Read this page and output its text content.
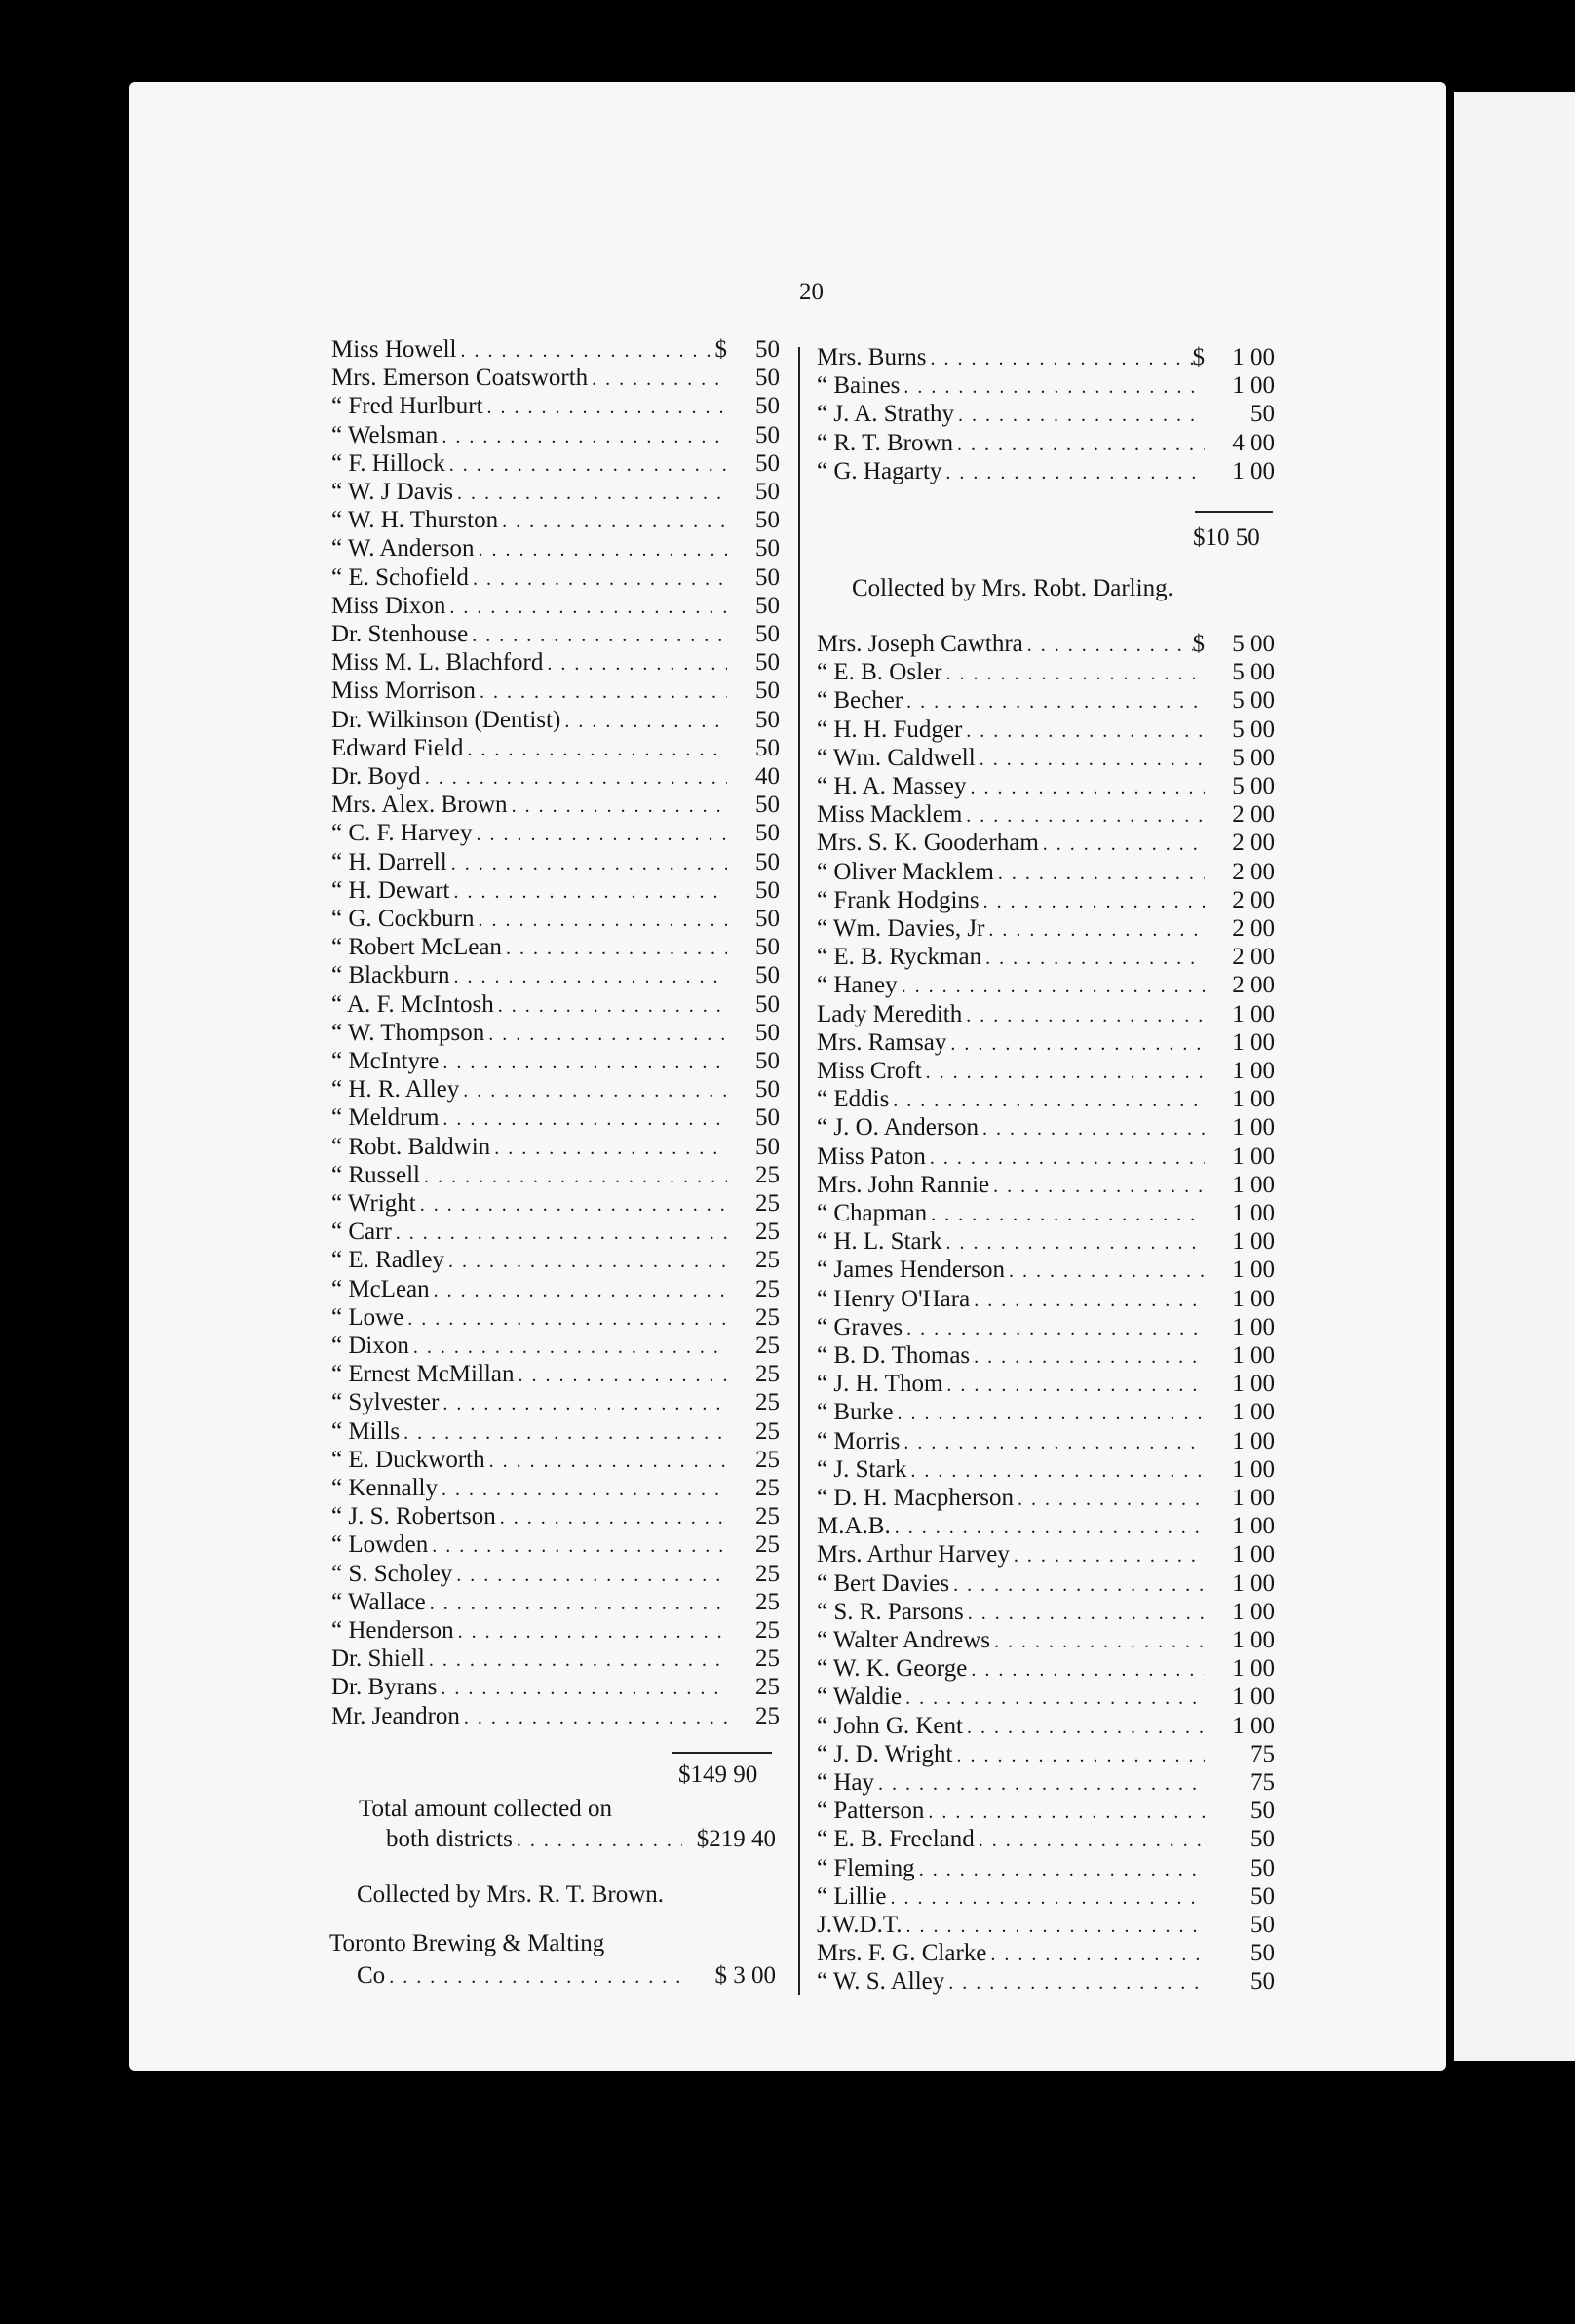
20
Miss Howell . . .	$	50
Mrs. Emerson Coatsworth . . .	50
“ Fred Hurlburt . . .	50
“ Welsman . . .	50
“ F. Hillock . . .	50
“ W. J Davis . . .	50
“ W. H. Thurston . . .	50
“ W. Anderson . . .	50
“ E. Schofield . . .	50
Miss Dixon . . .	50
Dr. Stenhouse . . .	50
Miss M. L. Blachford . . .	50
Miss Morrison . . .	50
Dr. Wilkinson (Dentist) . . .	50
Edward Field . . .	50
Dr. Boyd . . .	40
Mrs. Alex. Brown . . .	50
“ C. F. Harvey . . .	50
“ H. Darrell . . .	50
“ H. Dewart . . .	50
“ G. Cockburn . . .	50
“ Robert McLean . . .	50
“ Blackburn . . .	50
“ A. F. McIntosh . . .	50
“ W. Thompson . . .	50
“ McIntyre . . .	50
“ H. R. Alley . . .	50
“ Meldrum . . .	50
“ Robt. Baldwin . . .	50
“ Russell . . .	25
“ Wright . . .	25
“ Carr . . .	25
“ E. Radley . . .	25
“ McLean . . .	25
“ Lowe . . .	25
“ Dixon . . .	25
“ Ernest McMillan . . .	25
“ Sylvester . . .	25
“ Mills . . .	25
“ E. Duckworth . . .	25
“ Kennally . . .	25
“ J. S. Robertson . . .	25
“ Lowden . . .	25
“ S. Scholey . . .	25
“ Wallace . . .	25
“ Henderson . . .	25
Dr. Shiell . . .	25
Dr. Byrans . . .	25
Mr. Jeandron . . .	25
Mrs. Burns . . .	$	1 00
“ Baines . . .	1 00
“ J. A. Strathy . . .	50
“ R. T. Brown . . .	4 00
“ G. Hagarty . . .	1 00
Mrs. Joseph Cawthra . . .	$	5 00
“ E. B. Osler . . .	5 00
“ Becher . . .	5 00
“ H. H. Fudger . . .	5 00
“ Wm. Caldwell . . .	5 00
“ H. A. Massey . . .	5 00
Miss Macklem . . .	2 00
Mrs. S. K. Gooderham . . .	2 00
“ Oliver Macklem . . .	2 00
“ Frank Hodgins . . .	2 00
“ Wm. Davies, Jr . . .	2 00
“ E. B. Ryckman . . .	2 00
“ Haney . . .	2 00
Lady Meredith . . .	1 00
Mrs. Ramsay . . .	1 00
Miss Croft . . .	1 00
“ Eddis . . .	1 00
“ J. O. Anderson . . .	1 00
Miss Paton . . .	1 00
Mrs. John Rannie . . .	1 00
“ Chapman . . .	1 00
“ H. L. Stark . . .	1 00
“ James Henderson . . .	1 00
“ Henry O'Hara . . .	1 00
“ Graves . . .	1 00
“ B. D. Thomas . . .	1 00
“ J. H. Thom . . .	1 00
“ Burke . . .	1 00
“ Morris . . .	1 00
“ J. Stark . . .	1 00
“ D. H. Macpherson . . .	1 00
M.A.B. . . .	1 00
Mrs. Arthur Harvey . . .	1 00
“ Bert Davies . . .	1 00
“ S. R. Parsons . . .	1 00
“ Walter Andrews . . .	1 00
“ W. K. George . . .	1 00
“ Waldie . . .	1 00
“ John G. Kent . . .	1 00
“ J. D. Wright . . .	75
“ Hay . . .	75
“ Patterson . . .	50
“ E. B. Freeland . . .	50
“ Fleming . . .	50
“ Lillie . . .	50
J.W.D.T. . . .	50
Mrs. F. G. Clarke . . .	50
“ W. S. Alley . . .	50
$149 90
Total amount collected on
both districts . . .	$219 40
Collected by Mrs. R. T. Brown.
Toronto Brewing & Malting
Co . . .	$ 3 00
$10 50
Collected by Mrs. Robt. Darling.
